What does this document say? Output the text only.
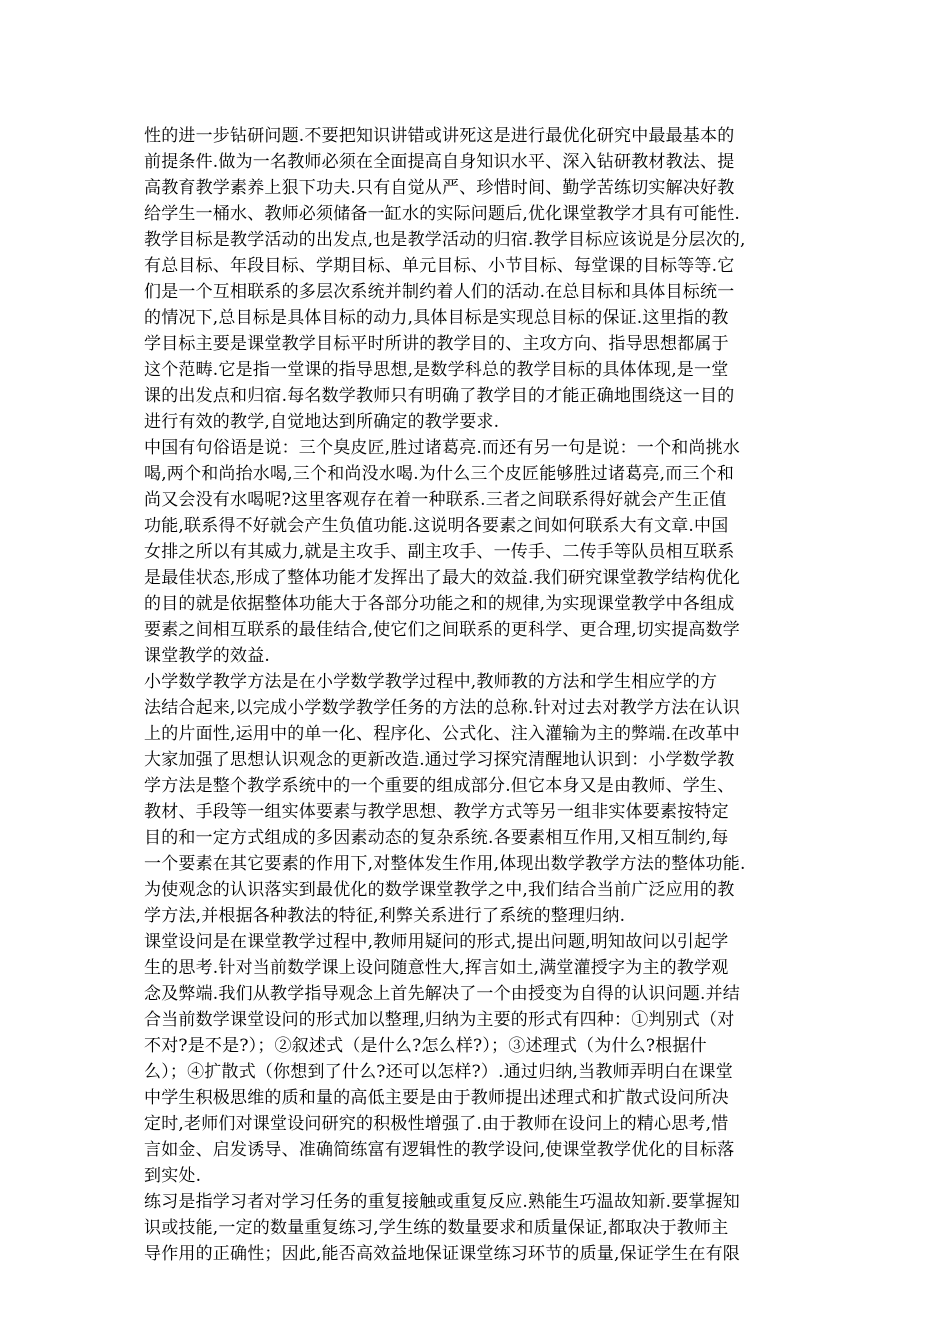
性的进一步钻研问题.不要把知识讲错或讲死这是进行最优化研究中最最基本的
前提条件.做为一名教师必须在全面提高自身知识水平、深入钻研教材教法、提
高教育教学素养上狠下功夫.只有自觉从严、珍惜时间、勤学苦练切实解决好教
给学生一桶水、教师必须储备一缸水的实际问题后,优化课堂教学才具有可能性.
教学目标是教学活动的出发点,也是教学活动的归宿.教学目标应该说是分层次的,
有总目标、年段目标、学期目标、单元目标、小节目标、每堂课的目标等等.它
们是一个互相联系的多层次系统并制约着人们的活动.在总目标和具体目标统一
的情况下,总目标是具体目标的动力,具体目标是实现总目标的保证.这里指的教
学目标主要是课堂教学目标平时所讲的教学目的、主攻方向、指导思想都属于
这个范畴.它是指一堂课的指导思想,是数学科总的教学目标的具体体现,是一堂
课的出发点和归宿.每名数学教师只有明确了教学目的才能正确地围绕这一目的
进行有效的教学,自觉地达到所确定的教学要求.
中国有句俗语是说：三个臭皮匠,胜过诸葛亮.而还有另一句是说：一个和尚挑水
喝,两个和尚抬水喝,三个和尚没水喝.为什么三个皮匠能够胜过诸葛亮,而三个和
尚又会没有水喝呢?这里客观存在着一种联系.三者之间联系得好就会产生正值
功能,联系得不好就会产生负值功能.这说明各要素之间如何联系大有文章.中国
女排之所以有其威力,就是主攻手、副主攻手、一传手、二传手等队员相互联系
是最佳状态,形成了整体功能才发挥出了最大的效益.我们研究课堂教学结构优化
的目的就是依据整体功能大于各部分功能之和的规律,为实现课堂教学中各组成
要素之间相互联系的最佳结合,使它们之间联系的更科学、更合理,切实提高数学
课堂教学的效益.
小学数学教学方法是在小学数学教学过程中,教师教的方法和学生相应学的方
法结合起来,以完成小学数学教学任务的方法的总称.针对过去对教学方法在认识
上的片面性,运用中的单一化、程序化、公式化、注入灌输为主的弊端.在改革中
大家加强了思想认识观念的更新改造.通过学习探究清醒地认识到：小学数学教
学方法是整个教学系统中的一个重要的组成部分.但它本身又是由教师、学生、
教材、手段等一组实体要素与教学思想、教学方式等另一组非实体要素按特定
目的和一定方式组成的多因素动态的复杂系统.各要素相互作用,又相互制约,每
一个要素在其它要素的作用下,对整体发生作用,体现出数学教学方法的整体功能.
为使观念的认识落实到最优化的数学课堂教学之中,我们结合当前广泛应用的教
学方法,并根据各种教法的特征,利弊关系进行了系统的整理归纳.
课堂设问是在课堂教学过程中,教师用疑问的形式,提出问题,明知故问以引起学
生的思考.针对当前数学课上设问随意性大,挥言如土,满堂灌授字为主的教学观
念及弊端.我们从教学指导观念上首先解决了一个由授变为自得的认识问题.并结
合当前数学课堂设问的形式加以整理,归纳为主要的形式有四种：①判别式（对
不对?是不是?）；②叙述式（是什么?怎么样?）；③述理式（为什么?根据什
么）；④扩散式（你想到了什么?还可以怎样?）.通过归纳,当教师弄明白在课堂
中学生积极思维的质和量的高低主要是由于教师提出述理式和扩散式设问所决
定时,老师们对课堂设问研究的积极性增强了.由于教师在设问上的精心思考,惜
言如金、启发诱导、准确简练富有逻辑性的教学设问,使课堂教学优化的目标落
到实处.
练习是指学习者对学习任务的重复接触或重复反应.熟能生巧温故知新.要掌握知
识或技能,一定的数量重复练习,学生练的数量要求和质量保证,都取决于教师主
导作用的正确性；因此,能否高效益地保证课堂练习环节的质量,保证学生在有限
